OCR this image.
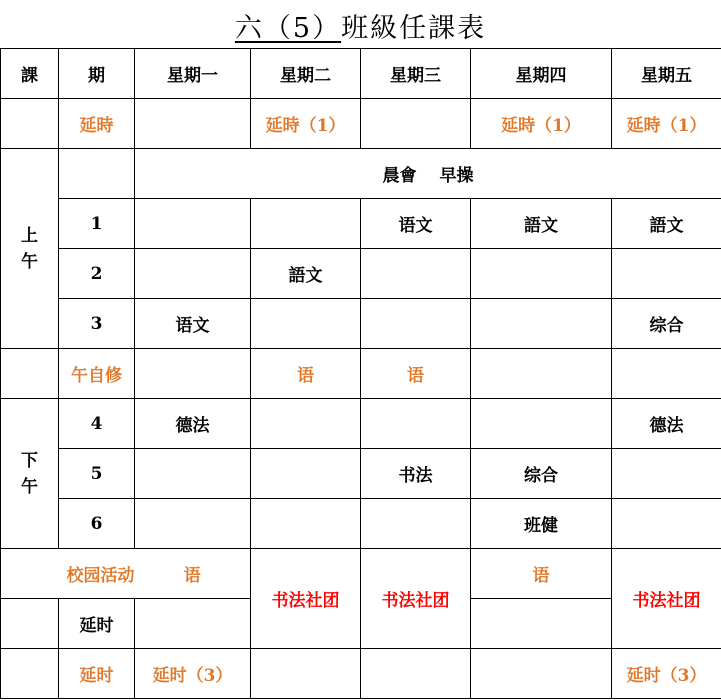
六（5）班級任課表
課	期	星期一	星期二	星期三	星期四	星期五
	延時		延時（1）		延時（1）	延時（1）
上午		晨會　 早操				
	1			语文	語文	語文
	2		語文			
	3	语文				综合
	午自修		语	语		
下午	4	德法				德法
	5			书法	综合	
	6				班健	
校园活动		语	书法社团	书法社团	语	书法社团
	延时					
	延时	延时（3）				延时（3）
